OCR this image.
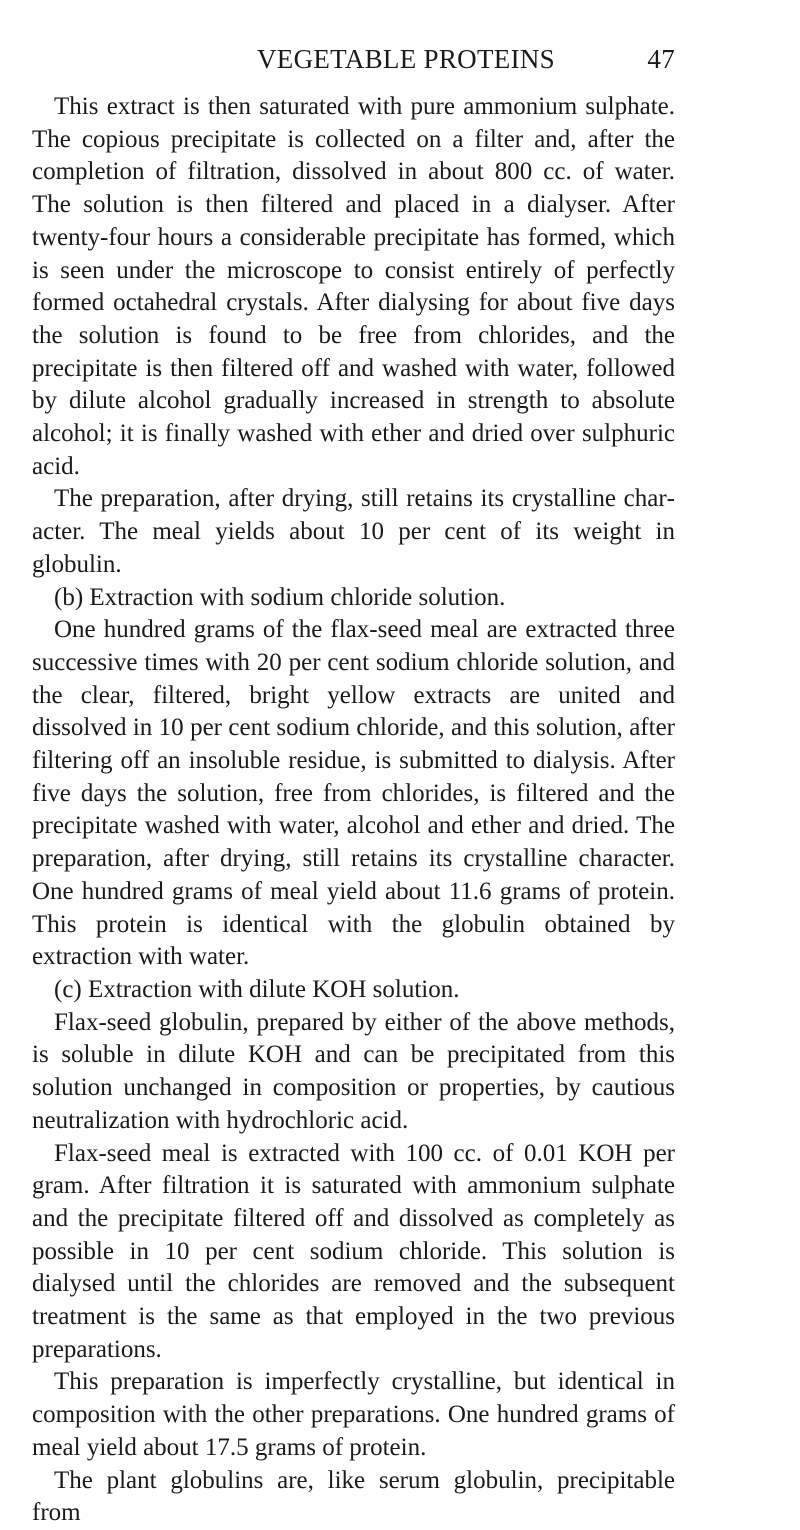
VEGETABLE PROTEINS	47

This extract is then saturated with pure ammonium sulphate. The copious precipitate is collected on a filter and, after the completion of filtration, dissolved in about 800 cc. of water. The solution is then filtered and placed in a dialyser. After twenty-four hours a considerable precipitate has formed, which is seen under the microscope to consist entirely of perfectly formed octahedral crystals. After dialysing for about five days the solution is found to be free from chlorides, and the precipitate is then filtered off and washed with water, followed by dilute alcohol gradually increased in strength to absolute alcohol; it is finally washed with ether and dried over sulphuric acid.

The preparation, after drying, still retains its crystalline character. The meal yields about 10 per cent of its weight in globulin.

(b) Extraction with sodium chloride solution.

One hundred grams of the flax-seed meal are extracted three successive times with 20 per cent sodium chloride solution, and the clear, filtered, bright yellow extracts are united and dissolved in 10 per cent sodium chloride, and this solution, after filtering off an insoluble residue, is submitted to dialysis. After five days the solution, free from chlorides, is filtered and the precipitate washed with water, alcohol and ether and dried. The preparation, after drying, still retains its crystalline character. One hundred grams of meal yield about 11.6 grams of protein. This protein is identical with the globulin obtained by extraction with water.

(c) Extraction with dilute KOH solution.

Flax-seed globulin, prepared by either of the above methods, is soluble in dilute KOH and can be precipitated from this solution unchanged in composition or properties, by cautious neutralization with hydrochloric acid.

Flax-seed meal is extracted with 100 cc. of 0.01 KOH per gram. After filtration it is saturated with ammonium sulphate and the precipitate filtered off and dissolved as completely as possible in 10 per cent sodium chloride. This solution is dialysed until the chlorides are removed and the subsequent treatment is the same as that employed in the two previous preparations.

This preparation is imperfectly crystalline, but identical in composition with the other preparations. One hundred grams of meal yield about 17.5 grams of protein.

The plant globulins are, like serum globulin, precipitable from
